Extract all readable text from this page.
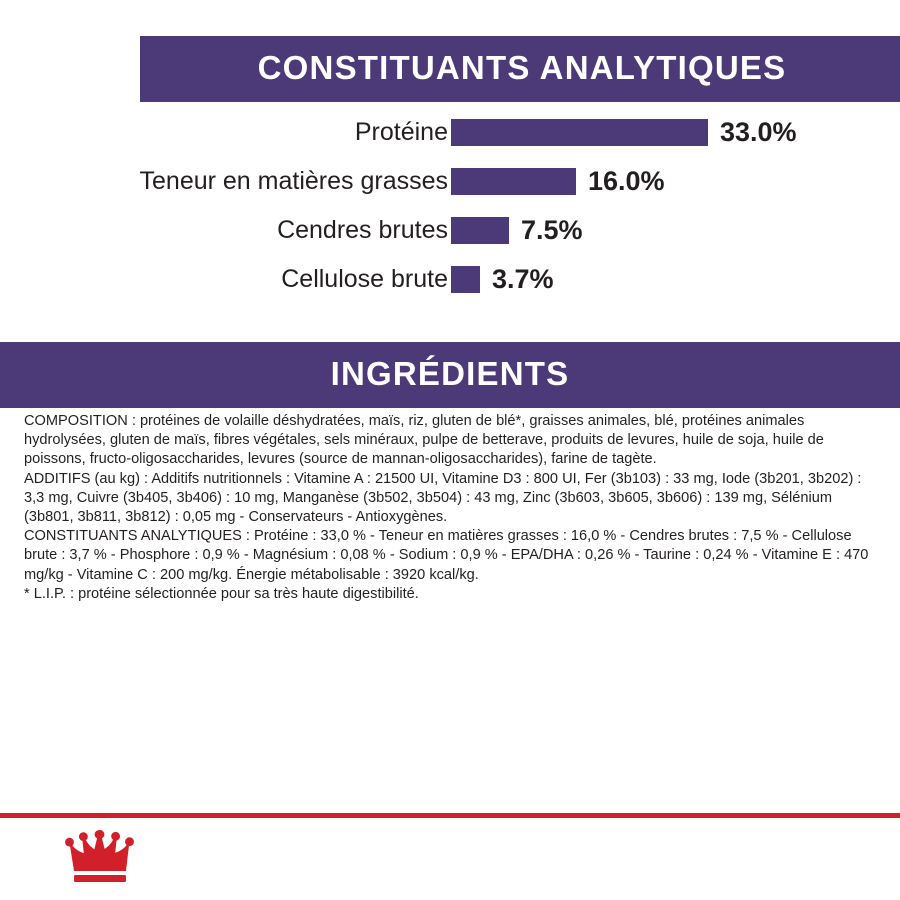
CONSTITUANTS ANALYTIQUES
Protéine	33.0%
Teneur en matières grasses	16.0%
Cendres brutes	7.5%
Cellulose brute	3.7%
INGRÉDIENTS

COMPOSITION : protéines de volaille déshydratées, maïs, riz, gluten de blé*, graisses animales, blé, protéines animales hydrolysées, gluten de maïs, fibres végétales, sels minéraux, pulpe de betterave, produits de levures, huile de soja, huile de poissons, fructo-oligosaccharides, levures (source de mannan-oligosaccharides), farine de tagète.

ADDITIFS (au kg) : Additifs nutritionnels : Vitamine A : 21500 UI, Vitamine D3 : 800 UI, Fer (3b103) : 33 mg, Iode (3b201, 3b202) : 3,3 mg, Cuivre (3b405, 3b406) : 10 mg, Manganèse (3b502, 3b504) : 43 mg, Zinc (3b603, 3b605, 3b606) : 139 mg, Sélénium (3b801, 3b811, 3b812) : 0,05 mg - Conservateurs - Antioxygènes.

CONSTITUANTS ANALYTIQUES : Protéine : 33,0 % - Teneur en matières grasses : 16,0 % - Cendres brutes : 7,5 % - Cellulose brute : 3,7 % - Phosphore : 0,9 % - Magnésium : 0,08 % - Sodium : 0,9 % - EPA/DHA : 0,26 % - Taurine : 0,24 % - Vitamine E : 470 mg/kg - Vitamine C : 200 mg/kg. Énergie métabolisable : 3920 kcal/kg.

* L.I.P. : protéine sélectionnée pour sa très haute digestibilité.
